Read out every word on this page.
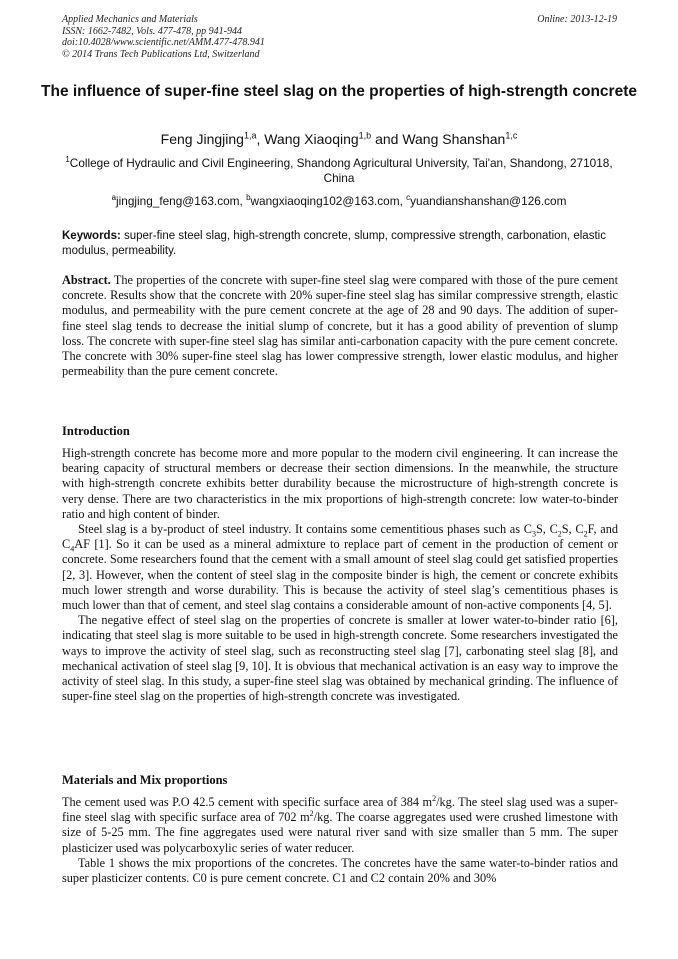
Applied Mechanics and Materials
ISSN: 1662-7482, Vols. 477-478, pp 941-944
doi:10.4028/www.scientific.net/AMM.477-478.941
© 2014 Trans Tech Publications Ltd, Switzerland
Online: 2013-12-19
The influence of super-fine steel slag on the properties of high-strength concrete
Feng Jingjing$^{1,a}$, Wang Xiaoqing$^{1,b}$ and Wang Shanshan$^{1,c}$
$^1$College of Hydraulic and Civil Engineering, Shandong Agricultural University, Tai'an, Shandong, 271018, China
$^a$jingjing_feng@163.com, $^b$wangxiaoqing102@163.com, $^c$yuandianshanshan@126.com
Keywords: super-fine steel slag, high-strength concrete, slump, compressive strength, carbonation, elastic modulus, permeability.

Abstract. The properties of the concrete with super-fine steel slag were compared with those of the pure cement concrete. Results show that the concrete with 20% super-fine steel slag has similar compressive strength, elastic modulus, and permeability with the pure cement concrete at the age of 28 and 90 days. The addition of super-fine steel slag tends to decrease the initial slump of concrete, but it has a good ability of prevention of slump loss. The concrete with super-fine steel slag has similar anti-carbonation capacity with the pure cement concrete. The concrete with 30% super-fine steel slag has lower compressive strength, lower elastic modulus, and higher permeability than the pure cement concrete.

Introduction

High-strength concrete has become more and more popular to the modern civil engineering. It can increase the bearing capacity of structural members or decrease their section dimensions. In the meanwhile, the structure with high-strength concrete exhibits better durability because the microstructure of high-strength concrete is very dense. There are two characteristics in the mix proportions of high-strength concrete: low water-to-binder ratio and high content of binder.

Steel slag is a by-product of steel industry. It contains some cementitious phases such as $C_3S$, $C_2S$, $C_2F$, and $C_4AF$ [1]. So it can be used as a mineral admixture to replace part of cement in the production of cement or concrete. Some researchers found that the cement with a small amount of steel slag could get satisfied properties [2, 3]. However, when the content of steel slag in the composite binder is high, the cement or concrete exhibits much lower strength and worse durability. This is because the activity of steel slag’s cementitious phases is much lower than that of cement, and steel slag contains a considerable amount of non-active components [4, 5].

The negative effect of steel slag on the properties of concrete is smaller at lower water-to-binder ratio [6], indicating that steel slag is more suitable to be used in high-strength concrete. Some researchers investigated the ways to improve the activity of steel slag, such as reconstructing steel slag [7], carbonating steel slag [8], and mechanical activation of steel slag [9, 10]. It is obvious that mechanical activation is an easy way to improve the activity of steel slag. In this study, a super-fine steel slag was obtained by mechanical grinding. The influence of super-fine steel slag on the properties of high-strength concrete was investigated.

Materials and Mix proportions

The cement used was P.O 42.5 cement with specific surface area of 384 $m^2/kg$. The steel slag used was a super-fine steel slag with specific surface area of 702 $m^2/kg$. The coarse aggregates used were crushed limestone with size of 5-25 mm. The fine aggregates used were natural river sand with size smaller than 5 mm. The super plasticizer used was polycarboxylic series of water reducer.

Table 1 shows the mix proportions of the concretes. The concretes have the same water-to-binder ratios and super plasticizer contents. C0 is pure cement concrete. C1 and C2 contain 20% and 30%
